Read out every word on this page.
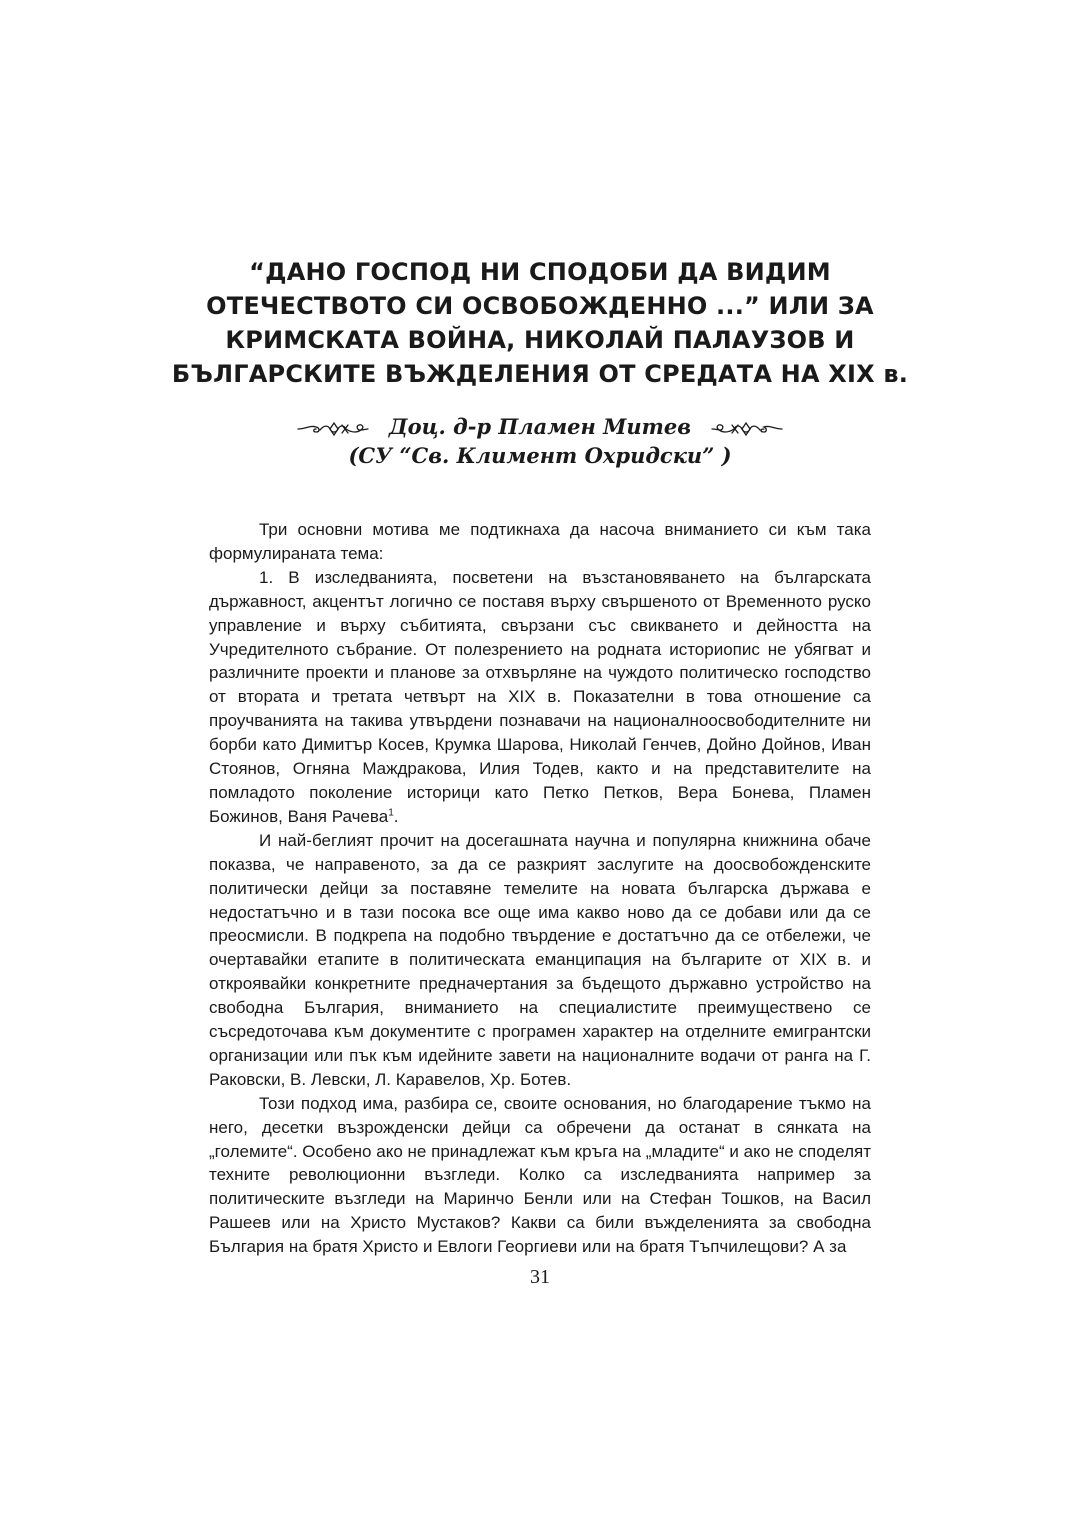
“ДАНО ГОСПОД НИ СПОДОБИ ДА ВИДИМ
ОТЕЧЕСТВОТО СИ ОСВОБОЖДЕННО ...” ИЛИ ЗА
КРИМСКАТА ВОЙНА, НИКОЛАЙ ПАЛАУЗОВ И
БЪЛГАРСКИТЕ ВЪЖДЕЛЕНИЯ ОТ СРЕДАТА НА XIX в.
Доц. д-р Пламен Митев
(СУ “Св. Климент Охридски” )

Три основни мотива ме подтикнаха да насоча вниманието си към така формулираната тема:

1. В изследванията, посветени на възстановяването на българската държавност, акцентът логично се поставя върху свършеното от Временното руско управление и върху събитията, свързани със свикването и дейността на Учредителното събрание. От полезрението на родната историопис не убягват и различните проекти и планове за отхвърляне на чуждото политическо господство от втората и третата четвърт на XIX в. Показателни в това отношение са проучванията на такива утвърдени познавачи на националноосвободителните ни борби като Димитър Косев, Крумка Шарова, Николай Генчев, Дойно Дойнов, Иван Стоянов, Огняна Маждракова, Илия Тодев, както и на представителите на помладото поколение историци като Петко Петков, Вера Бонева, Пламен Божинов, Ваня Рачева$^1$.

И най-беглият прочит на досегашната научна и популярна книжнина обаче показва, че направеното, за да се разкрият заслугите на доосвобожденските политически дейци за поставяне темелите на новата българска държава е недостатъчно и в тази посока все още има какво ново да се добави или да се преосмисли. В подкрепа на подобно твърдение е достатъчно да се отбележи, че очертавайки етапите в политическата еманципация на българите от XIX в. и откроявайки конкретните предначертания за бъдещото държавно устройство на свободна България, вниманието на специалистите преимуществено се съсредоточава към документите с програмен характер на отделните емигрантски организации или пък към идейните завети на националните водачи от ранга на Г. Раковски, В. Левски, Л. Каравелов, Хр. Ботев.

Този подход има, разбира се, своите основания, но благодарение тъкмо на него, десетки възрожденски дейци са обречени да останат в сянката на „големите“. Особено ако не принадлежат към кръга на „младите“ и ако не споделят техните революционни възгледи. Колко са изследванията например за политическите възгледи на Маринчо Бенли или на Стефан Тошков, на Васил Рашеев или на Христо Мустаков? Какви са били въжделенията за свободна България на братя Христо и Евлоги Георгиеви или на братя Тъпчилещови? А за

31
